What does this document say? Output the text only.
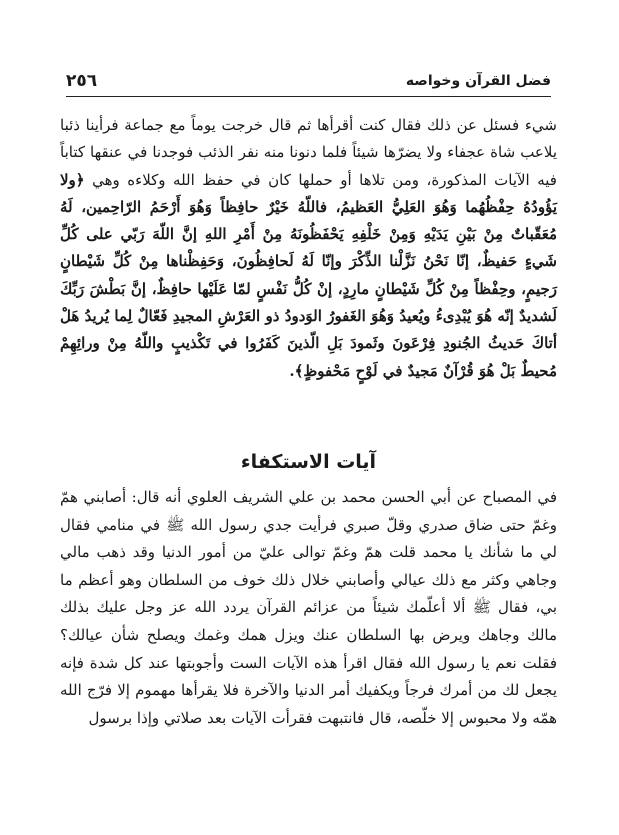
فضل القرآن وخواصه
٢٥٦
شيء فسئل عن ذلك فقال كنت أقرأها ثم قال خرجت يوماً مع جماعة فرأينا ذئبا يلاعب شاة عجفاء ولا يضرّها شيئاً فلما دنونا منه نفر الذئب فوجدنا في عنقها كتاباً فيه الآيات المذكورة، ومن تلاها أو حملها كان في حفظ الله وكلاءه وهي ﴿ولا يَؤُودُهُ حِفْظُهُما وَهُوَ العَلِيُّ العَظيمُ، فاللّهُ خَيْرٌ حافِظاً وَهُوَ أَرْحَمُ الرّاحِمين، لَهُ مُعَقّباتٌ مِنْ بَيْنِ يَدَيْهِ وَمِنْ خَلْفِهِ يَحْفَظُونَهُ مِنْ أَمْرِ اللهِ إنَّ اللّهَ رَبّي على كُلِّ شَيءٍ حَفيظٌ، إنّا نَحْنُ نَزَّلْنا الذِّكْرَ وإنّا لَهُ لَحافِظُونَ، وَحَفِظْناها مِنْ كُلِّ شَيْطانٍ رَجيمٍ، وحِفْظاً مِنْ كُلِّ شَيْطانٍ مارِدٍ، إنْ كُلُّ نَفْسٍ لمّا عَلَيْها حافِظٌ، إنَّ بَطْشَ رَبِّكَ لَشديدٌ إنّه هُوَ يُبْدِىءُ ويُعيدُ وَهُوَ الغَفورُ الوَدودُ ذو العَرْشِ المجيدِ فَعّالٌ لِما يُريدُ هَلْ أتاكَ حَديثُ الجُنودِ فِرْعَونَ وثَمودَ بَلِ الّذينَ كَفَرُوا في تَكْذيبٍ واللّهُ مِنْ ورائِهِمْ مُحيطٌ بَلْ هُوَ قُرْآنٌ مَجيدٌ في لَوْحٍ مَحْفوظٍ﴾.
آيات الاستكفاء
في المصباح عن أبي الحسن محمد بن علي الشريف العلوي أنه قال: أصابني همّ وغمّ حتى ضاق صدري وقلّ صبري فرأيت جدي رسول الله ﷺ في منامي فقال لي ما شأنك يا محمد قلت همّ وغمّ توالى عليّ من أمور الدنيا وقد ذهب مالي وجاهي وكثر مع ذلك عيالي وأصابني خلال ذلك خوف من السلطان وهو أعظم ما بي، فقال ﷺ ألا أعلّمك شيئاً من عزائم القرآن يردد الله عز وجل عليك بذلك مالك وجاهك ويرض بها السلطان عنك ويزل همك وغمك ويصلح شأن عيالك؟ فقلت نعم يا رسول الله فقال اقرأ هذه الآيات الست وأجوبتها عند كل شدة فإنه يجعل لك من أمرك فرجاً ويكفيك أمر الدنيا والآخرة فلا يقرأها مهموم إلا فرّج الله همّه ولا محبوس إلا خلّصه، قال فانتبهت فقرأت الآيات بعد صلاتي وإذا برسول
